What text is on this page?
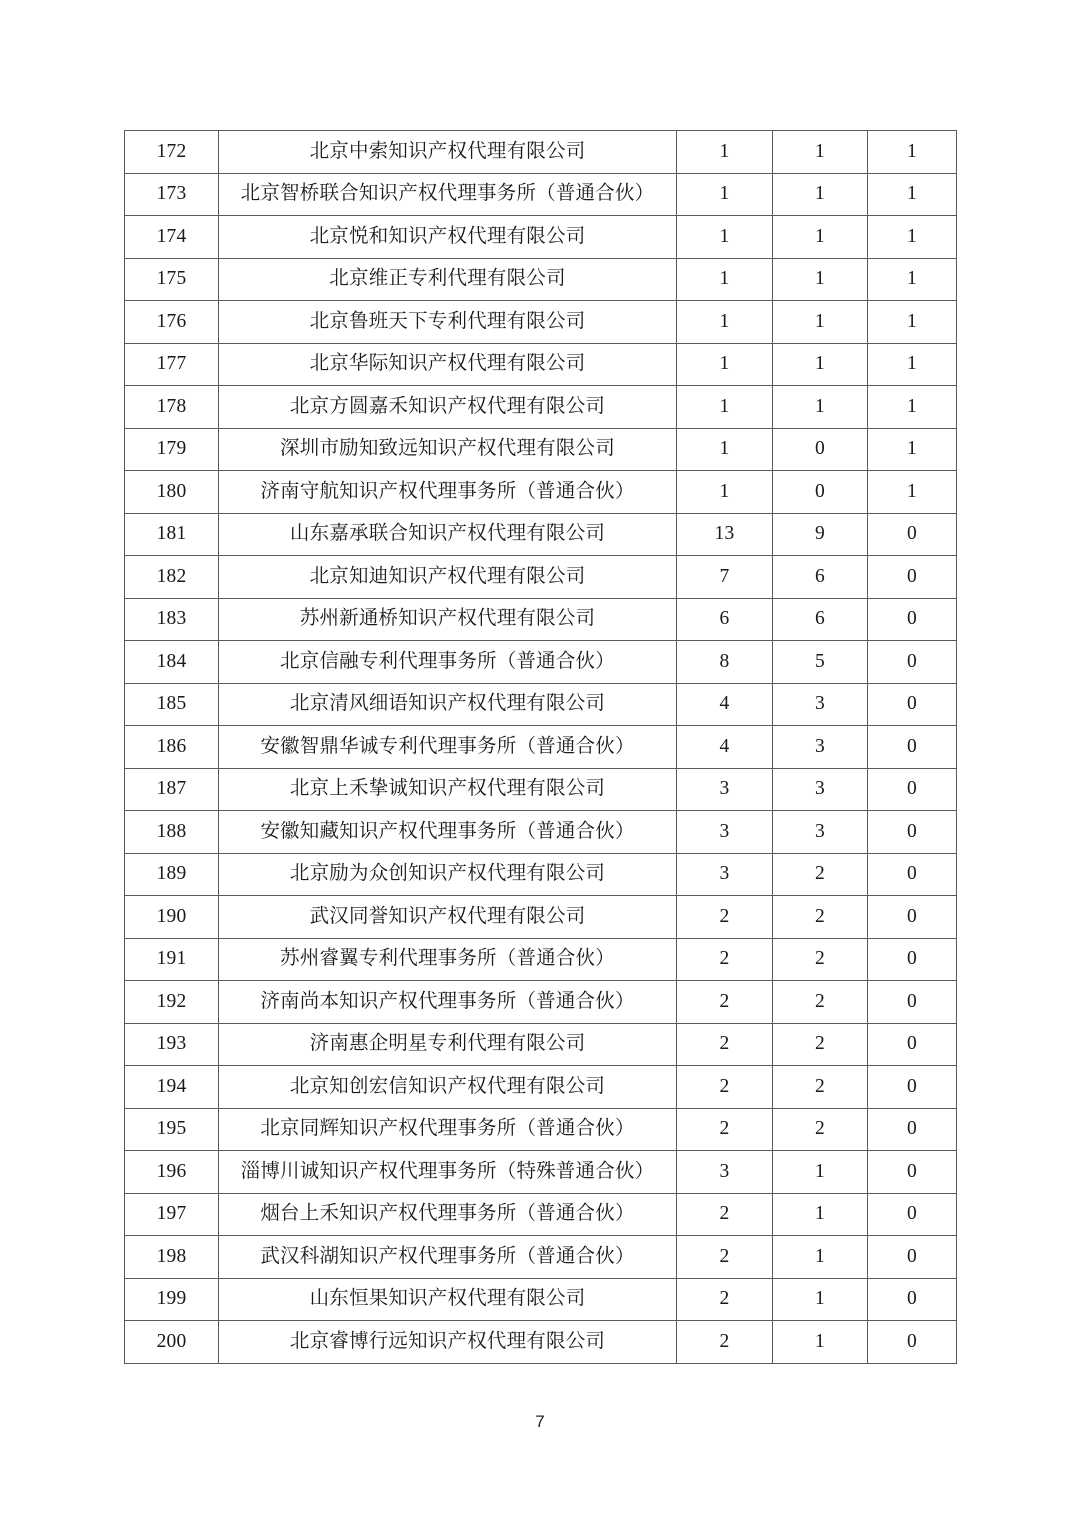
172	北京中索知识产权代理有限公司	1	1	1
173	北京智桥联合知识产权代理事务所（普通合伙）	1	1	1
174	北京悦和知识产权代理有限公司	1	1	1
175	北京维正专利代理有限公司	1	1	1
176	北京鲁班天下专利代理有限公司	1	1	1
177	北京华际知识产权代理有限公司	1	1	1
178	北京方圆嘉禾知识产权代理有限公司	1	1	1
179	深圳市励知致远知识产权代理有限公司	1	0	1
180	济南守航知识产权代理事务所（普通合伙）	1	0	1
181	山东嘉承联合知识产权代理有限公司	13	9	0
182	北京知迪知识产权代理有限公司	7	6	0
183	苏州新通桥知识产权代理有限公司	6	6	0
184	北京信融专利代理事务所（普通合伙）	8	5	0
185	北京清风细语知识产权代理有限公司	4	3	0
186	安徽智鼎华诚专利代理事务所（普通合伙）	4	3	0
187	北京上禾挚诚知识产权代理有限公司	3	3	0
188	安徽知藏知识产权代理事务所（普通合伙）	3	3	0
189	北京励为众创知识产权代理有限公司	3	2	0
190	武汉同誉知识产权代理有限公司	2	2	0
191	苏州睿翼专利代理事务所（普通合伙）	2	2	0
192	济南尚本知识产权代理事务所（普通合伙）	2	2	0
193	济南惠企明星专利代理有限公司	2	2	0
194	北京知创宏信知识产权代理有限公司	2	2	0
195	北京同辉知识产权代理事务所（普通合伙）	2	2	0
196	淄博川诚知识产权代理事务所（特殊普通合伙）	3	1	0
197	烟台上禾知识产权代理事务所（普通合伙）	2	1	0
198	武汉科湖知识产权代理事务所（普通合伙）	2	1	0
199	山东恒果知识产权代理有限公司	2	1	0
200	北京睿博行远知识产权代理有限公司	2	1	0
7
